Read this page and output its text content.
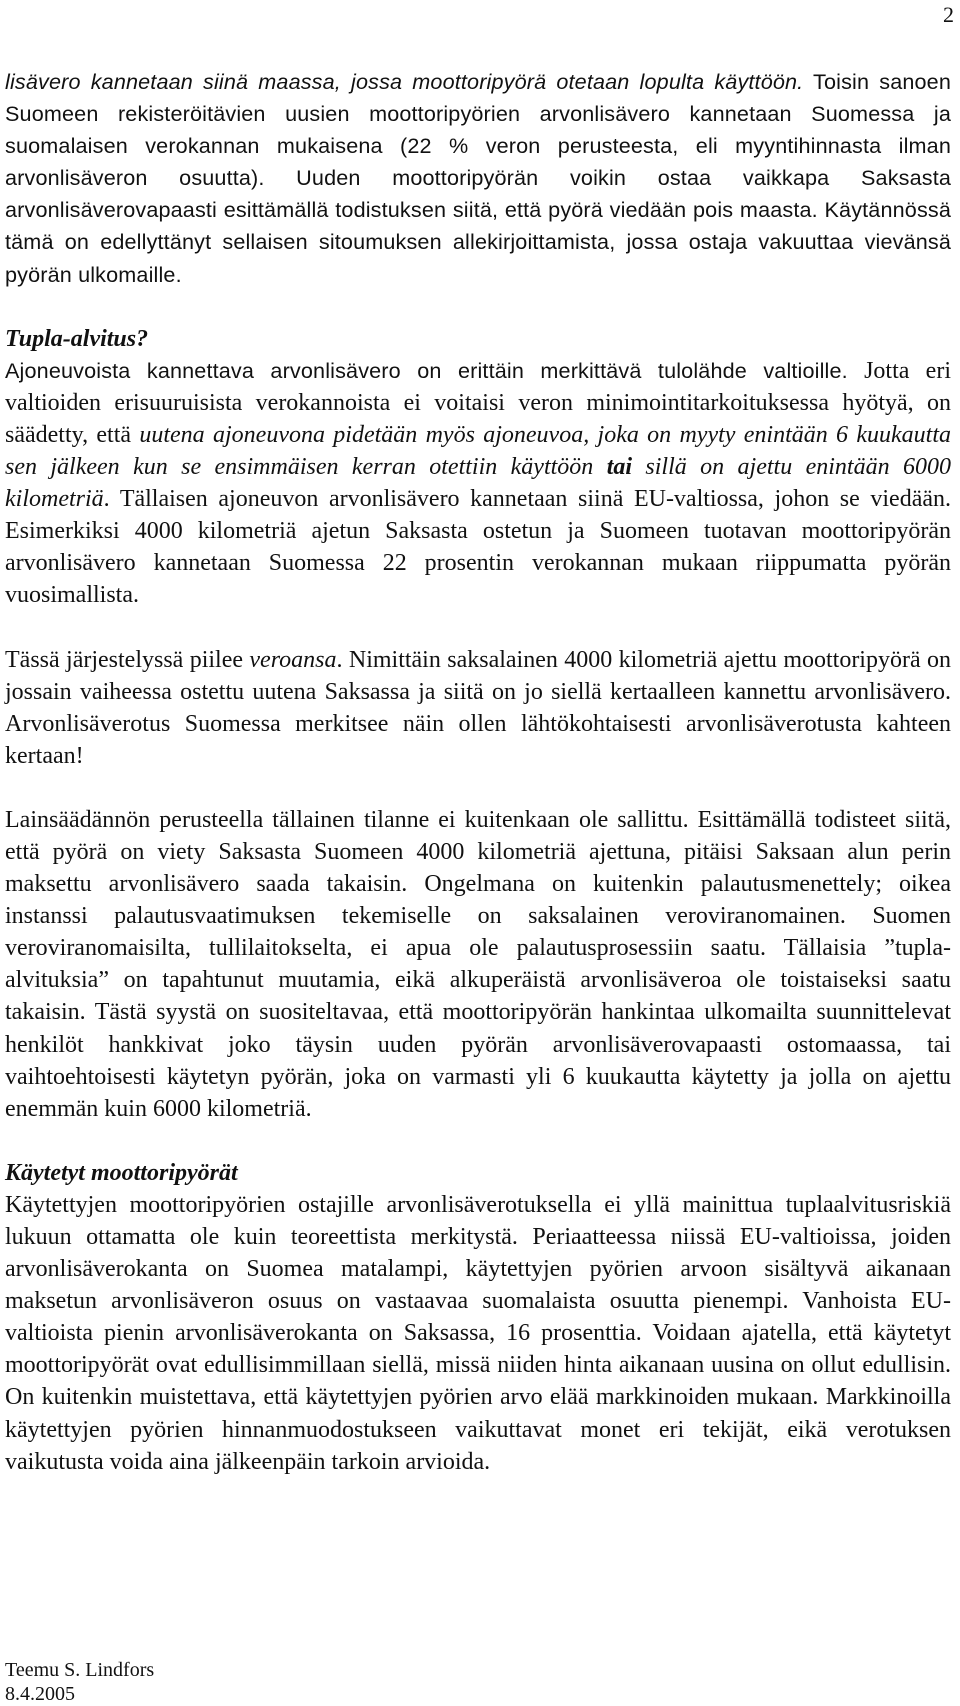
2

lisävero kannetaan siinä maassa, jossa moottoripyörä otetaan lopulta käyttöön. Toisin sanoen Suomeen rekisteröitävien uusien moottoripyörien arvonlisävero kannetaan Suomessa ja suomalaisen verokannan mukaisena (22 % veron perusteesta, eli myyntihinnasta ilman arvonlisäveron osuutta). Uuden moottoripyörän voikin ostaa vaikkapa Saksasta arvonlisäverovapaasti esittämällä todistuksen siitä, että pyörä viedään pois maasta. Käytännössä tämä on edellyttänyt sellaisen sitoumuksen allekirjoittamista, jossa ostaja vakuuttaa vievänsä pyörän ulkomaille.

Tupla-alvitus?

Ajoneuvoista kannettava arvonlisävero on erittäin merkittävä tulolähde valtioille. Jotta eri valtioiden erisuuruisista verokannoista ei voitaisi veron minimointitarkoituksessa hyötyä, on säädetty, että uutena ajoneuvona pidetään myös ajoneuvoa, joka on myyty enintään 6 kuukautta sen jälkeen kun se ensimmäisen kerran otettiin käyttöön tai sillä on ajettu enintään 6000 kilometriä. Tällaisen ajoneuvon arvonlisävero kannetaan siinä EU-valtiossa, johon se viedään. Esimerkiksi 4000 kilometriä ajetun Saksasta ostetun ja Suomeen tuotavan moottoripyörän arvonlisävero kannetaan Suomessa 22 prosentin verokannan mukaan riippumatta pyörän vuosimallista.

Tässä järjestelyssä piilee veroansa. Nimittäin saksalainen 4000 kilometriä ajettu moottoripyörä on jossain vaiheessa ostettu uutena Saksassa ja siitä on jo siellä kertaalleen kannettu arvonlisävero. Arvonlisäverotus Suomessa merkitsee näin ollen lähtökohtaisesti arvonlisäverotusta kahteen kertaan!

Lainsäädännön perusteella tällainen tilanne ei kuitenkaan ole sallittu. Esittämällä todisteet siitä, että pyörä on viety Saksasta Suomeen 4000 kilometriä ajettuna, pitäisi Saksaan alun perin maksettu arvonlisävero saada takaisin. Ongelmana on kuitenkin palautusmenettely; oikea instanssi palautusvaatimuksen tekemiselle on saksalainen veroviranomainen. Suomen veroviranomaisilta, tullilaitokselta, ei apua ole palautusprosessiin saatu. Tällaisia ”tupla-alvituksia” on tapahtunut muutamia, eikä alkuperäistä arvonlisäveroa ole toistaiseksi saatu takaisin. Tästä syystä on suositeltavaa, että moottoripyörän hankintaa ulkomailta suunnittelevat henkilöt hankkivat joko täysin uuden pyörän arvonlisäverovapaasti ostomaassa, tai vaihtoehtoisesti käytetyn pyörän, joka on varmasti yli 6 kuukautta käytetty ja jolla on ajettu enemmän kuin 6000 kilometriä.

Käytetyt moottoripyörät

Käytettyjen moottoripyörien ostajille arvonlisäverotuksella ei yllä mainittua tuplaalvitusriskiä lukuun ottamatta ole kuin teoreettista merkitystä. Periaatteessa niissä EU-valtioissa, joiden arvonlisäverokanta on Suomea matalampi, käytettyjen pyörien arvoon sisältyvä aikanaan maksetun arvonlisäveron osuus on vastaavaa suomalaista osuutta pienempi. Vanhoista EU-valtioista pienin arvonlisäverokanta on Saksassa, 16 prosenttia. Voidaan ajatella, että käytetyt moottoripyörät ovat edullisimmillaan siellä, missä niiden hinta aikanaan uusina on ollut edullisin. On kuitenkin muistettava, että käytettyjen pyörien arvo elää markkinoiden mukaan. Markkinoilla käytettyjen pyörien hinnanmuodostukseen vaikuttavat monet eri tekijät, eikä verotuksen vaikutusta voida aina jälkeenpäin tarkoin arvioida.

Teemu S. Lindfors
8.4.2005
